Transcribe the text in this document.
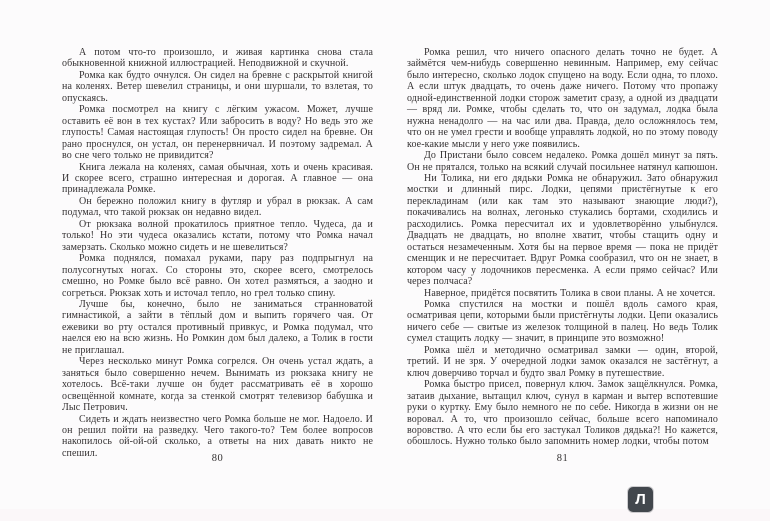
А потом что-то произошло, и живая картинка снова стала обыкновенной книжной иллюстрацией. Неподвижной и скучной.

Ромка как будто очнулся. Он сидел на бревне с раскрытой книгой на коленях. Ветер шевелил страницы, и они шуршали, то взлетая, то опускаясь.

Ромка посмотрел на книгу с лёгким ужасом. Может, лучше оставить её вон в тех кустах? Или забросить в воду? Но ведь это же глупость! Самая настоящая глупость! Он просто сидел на бревне. Он рано проснулся, он устал, он перенервничал. И поэтому задремал. А во сне чего только не привидится?

Книга лежала на коленях, самая обычная, хоть и очень красивая. И скорее всего, страшно интересная и дорогая. А главное — она принадлежала Ромке.

Он бережно положил книгу в футляр и убрал в рюкзак. А сам подумал, что такой рюкзак он недавно видел.

От рюкзака волной прокатилось приятное тепло. Чудеса, да и только! Но эти чудеса оказались кстати, потому что Ромка начал замерзать. Сколько можно сидеть и не шевелиться?

Ромка поднялся, помахал руками, пару раз подпрыгнул на полусогнутых ногах. Со стороны это, скорее всего, смотрелось смешно, но Ромке было всё равно. Он хотел размяться, а заодно и согреться. Рюкзак хоть и источал тепло, но грел только спину.

Лучше бы, конечно, было не заниматься странноватой гимнастикой, а зайти в тёплый дом и выпить горячего чая. От ежевики во рту остался противный привкус, и Ромка подумал, что наелся ею на всю жизнь. Но Ромкин дом был далеко, а Толик в гости не приглашал.

Через несколько минут Ромка согрелся. Он очень устал ждать, а заняться было совершенно нечем. Вынимать из рюкзака книгу не хотелось. Всё-таки лучше он будет рассматривать её в хорошо освещённой комнате, когда за стенкой смотрят телевизор бабушка и Лыс Петрович.

Сидеть и ждать неизвестно чего Ромка больше не мог. Надоело. И он решил пойти на разведку. Чего такого-то? Тем более вопросов накопилось ой-ой-ой сколько, а ответы на них давать никто не спешил.

Ромка решил, что ничего опасного делать точно не будет. А займётся чем-нибудь совершенно невинным. Например, ему сейчас было интересно, сколько лодок спущено на воду. Если одна, то плохо. А если штук двадцать, то очень даже ничего. Потому что пропажу одной-единственной лодки сторож заметит сразу, а одной из двадцати — вряд ли. Ромке, чтобы сделать то, что он задумал, лодка была нужна ненадолго — на час или два. Правда, дело осложнялось тем, что он не умел грести и вообще управлять лодкой, но по этому поводу кое-какие мысли у него уже появились.

До Пристани было совсем недалеко. Ромка дошёл минут за пять. Он не прятался, только на всякий случай посильнее натянул капюшон.

Ни Толика, ни его дядьки Ромка не обнаружил. Зато обнаружил мостки и длинный пирс. Лодки, цепями пристёгнутые к его перекладинам (или как там это называют знающие люди?), покачивались на волнах, легонько стукались бортами, сходились и расходились. Ромка пересчитал их и удовлетворённо улыбнулся. Двадцать не двадцать, но вполне хватит, чтобы стащить одну и остаться незамеченным. Хотя бы на первое время — пока не придёт сменщик и не пересчитает. Вдруг Ромка сообразил, что он не знает, в котором часу у лодочников пересменка. А если прямо сейчас? Или через полчаса?

Наверное, придётся посвятить Толика в свои планы. А не хочется.

Ромка спустился на мостки и пошёл вдоль самого края, осматривая цепи, которыми были пристёгнуты лодки. Цепи оказались ничего себе — свитые из железок толщиной в палец. Но ведь Толик сумел стащить лодку — значит, в принципе это возможно!

Ромка шёл и методично осматривал замки — один, второй, третий. И не зря. У очередной лодки замок оказался не застёгнут, а ключ доверчиво торчал и будто звал Ромку в путешествие.

Ромка быстро присел, повернул ключ. Замок защёлкнулся. Ромка, затаив дыхание, вытащил ключ, сунул в карман и вытер вспотевшие руки о куртку. Ему было немного не по себе. Никогда в жизни он не воровал. А то, что произошло сейчас, больше всего напоминало воровство. А что если бы его застукал Толиков дядька?! Но кажется, обошлось. Нужно только было запомнить номер лодки, чтобы потом

80	81
Л
